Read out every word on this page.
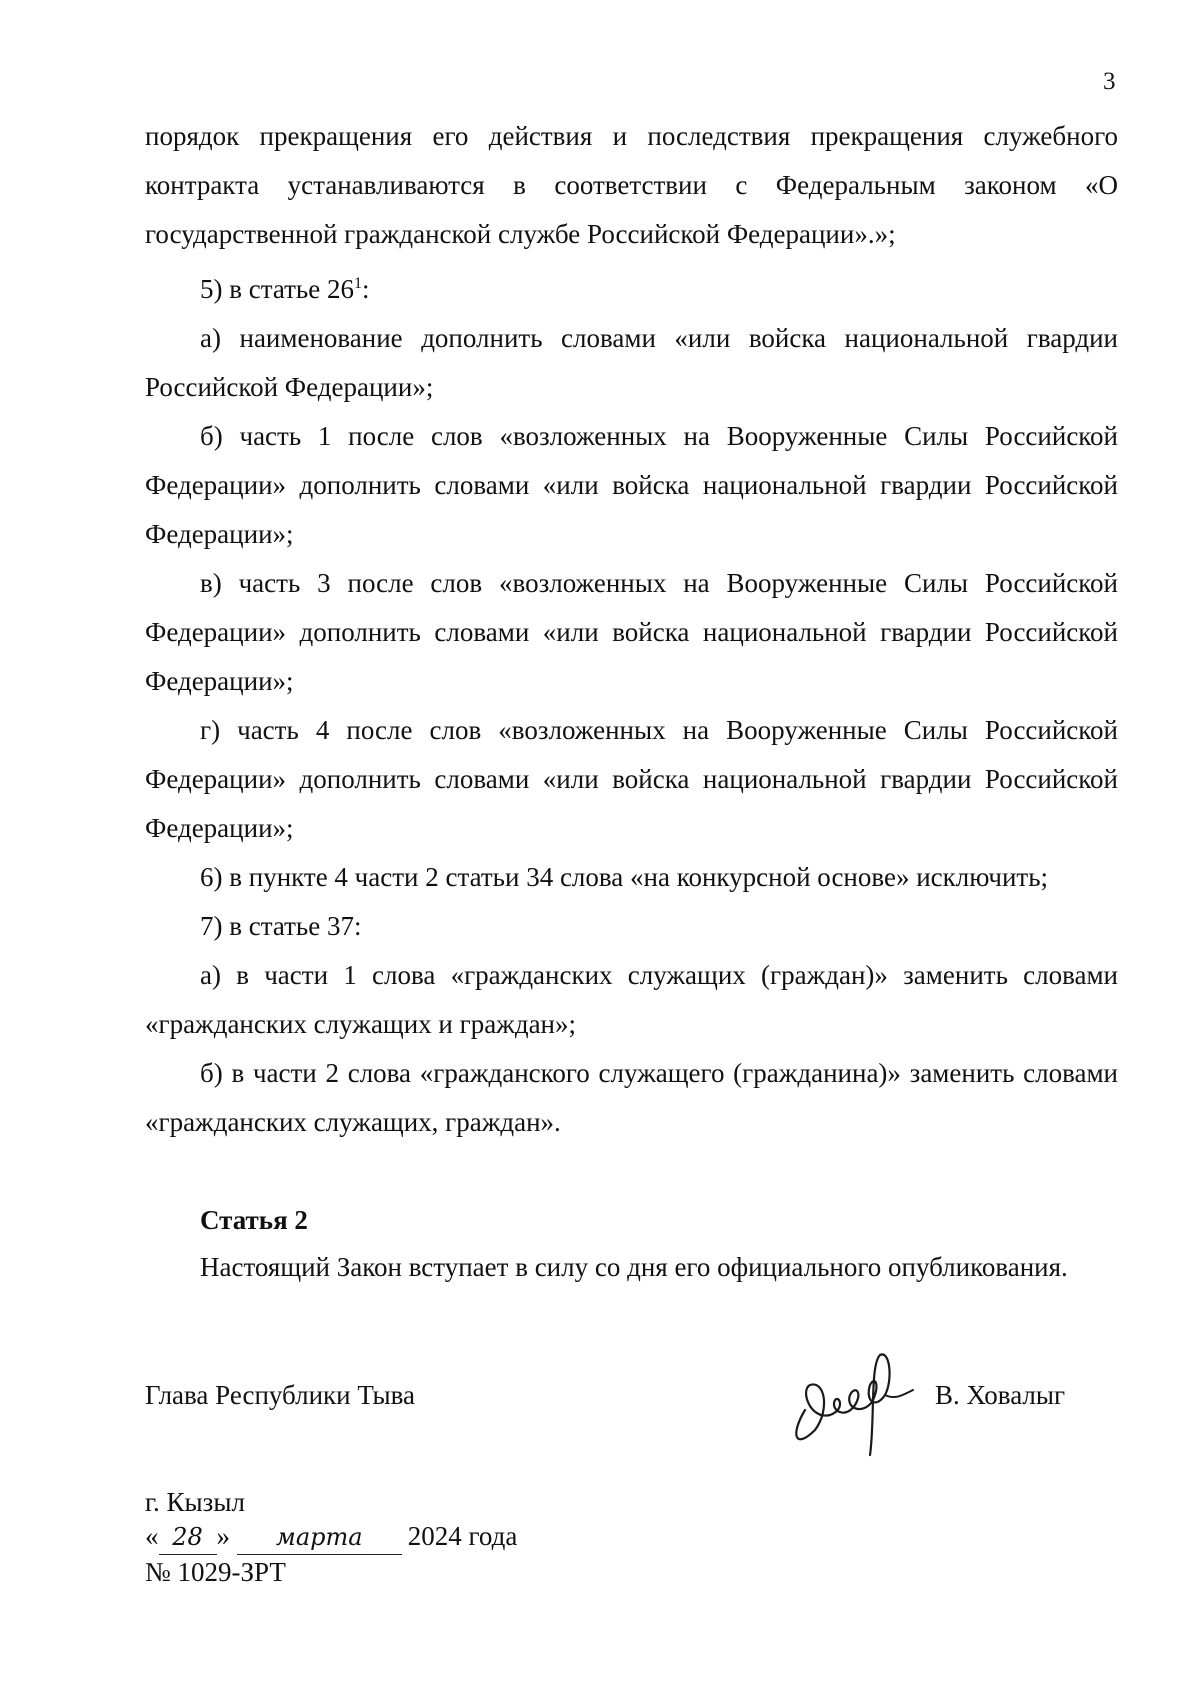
3

порядок прекращения его действия и последствия прекращения служебного контракта устанавливаются в соответствии с Федеральным законом «О государственной гражданской службе Российской Федерации».»;

5) в статье $26^1$:

а) наименование дополнить словами «или войска национальной гвардии Российской Федерации»;

б) часть 1 после слов «возложенных на Вооруженные Силы Российской Федерации» дополнить словами «или войска национальной гвардии Российской Федерации»;

в) часть 3 после слов «возложенных на Вооруженные Силы Российской Федерации» дополнить словами «или войска национальной гвардии Российской Федерации»;

г) часть 4 после слов «возложенных на Вооруженные Силы Российской Федерации» дополнить словами «или войска национальной гвардии Российской Федерации»;

6) в пункте 4 части 2 статьи 34 слова «на конкурсной основе» исключить;

7) в статье 37:

а) в части 1 слова «гражданских служащих (граждан)» заменить словами «гражданских служащих и граждан»;

б) в части 2 слова «гражданского служащего (гражданина)» заменить словами «гражданских служащих, граждан».

Статья 2
Настоящий Закон вступает в силу со дня его официального опубликования.
Глава Республики Тыва	В. Ховалыг
г. Кызыл
« 28 » марта 2024 года
№ 1029-ЗРТ
